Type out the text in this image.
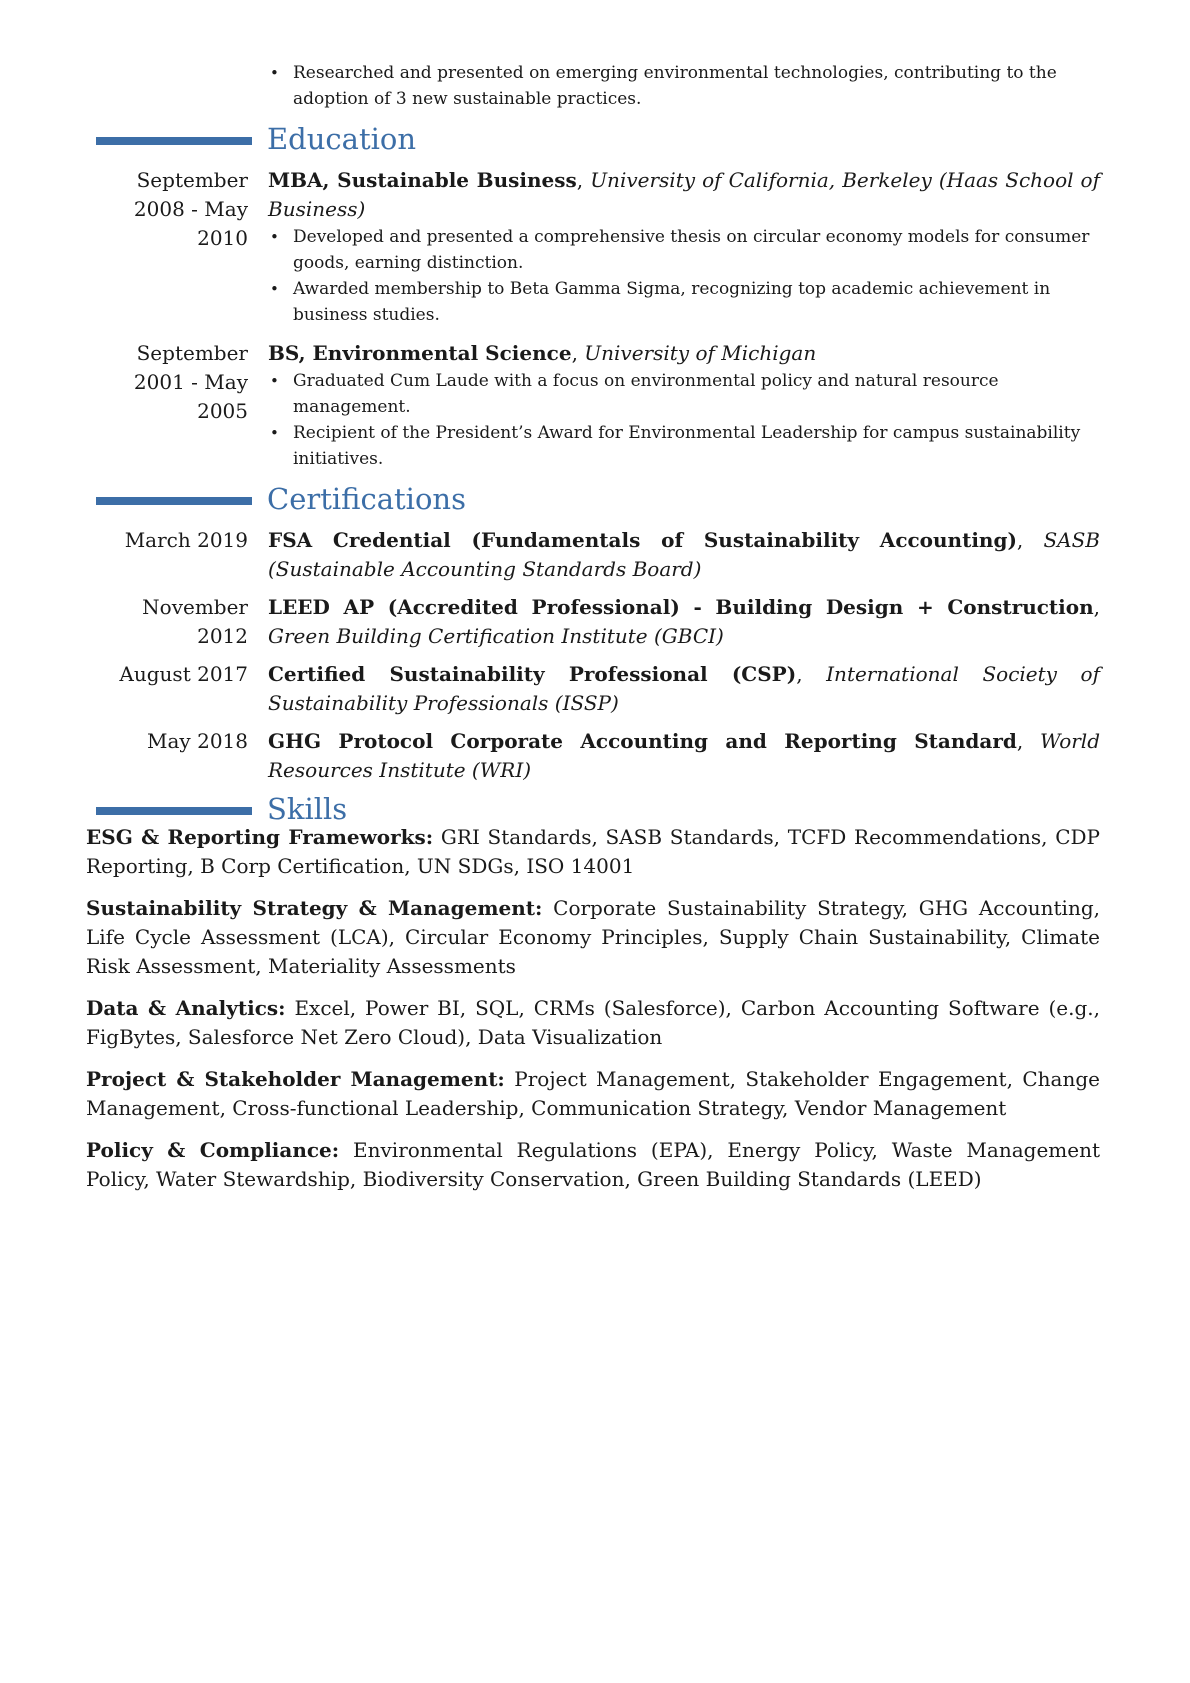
• Researched and presented on emerging environmental technologies, contributing to the adoption of 3 new sustainable practices.
Education
September 2008 - May 2010
MBA, Sustainable Business, University of California, Berkeley (Haas School of Business)
• Developed and presented a comprehensive thesis on circular economy models for consumer goods, earning distinction.
• Awarded membership to Beta Gamma Sigma, recognizing top academic achievement in business studies.
September 2001 - May 2005
BS, Environmental Science, University of Michigan
• Graduated Cum Laude with a focus on environmental policy and natural resource management.
• Recipient of the President’s Award for Environmental Leadership for campus sustainability initiatives.
Certifications
March 2019 FSA Credential (Fundamentals of Sustainability Accounting), SASB (Sustainable Accounting Standards Board)
November 2012
LEED AP (Accredited Professional) - Building Design + Construction, Green Building Certification Institute (GBCI)
August 2017 Certified Sustainability Professional (CSP), International Society of Sustainability Professionals (ISSP)
May 2018 GHG Protocol Corporate Accounting and Reporting Standard, World Resources Institute (WRI)
Skills
ESG & Reporting Frameworks: GRI Standards, SASB Standards, TCFD Recommendations, CDP Reporting, B Corp Certification, UN SDGs, ISO 14001
Sustainability Strategy & Management: Corporate Sustainability Strategy, GHG Accounting, Life Cycle Assessment (LCA), Circular Economy Principles, Supply Chain Sustainability, Climate Risk Assessment, Materiality Assessments
Data & Analytics: Excel, Power BI, SQL, CRMs (Salesforce), Carbon Accounting Software (e.g., FigBytes, Salesforce Net Zero Cloud), Data Visualization
Project & Stakeholder Management: Project Management, Stakeholder Engagement, Change Management, Cross-functional Leadership, Communication Strategy, Vendor Management
Policy & Compliance: Environmental Regulations (EPA), Energy Policy, Waste Management Policy, Water Stewardship, Biodiversity Conservation, Green Building Standards (LEED)
